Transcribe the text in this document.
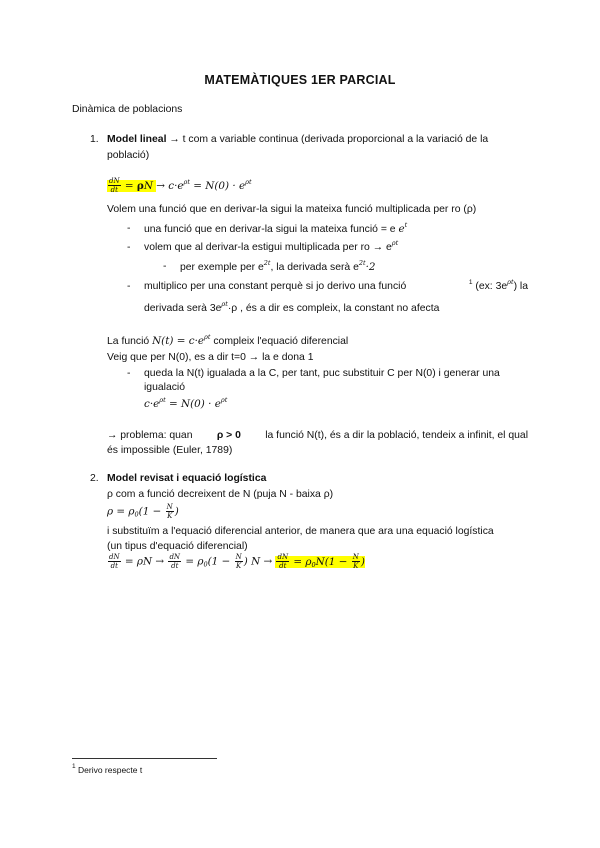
MATEMÀTIQUES 1ER PARCIAL
Dinàmica de poblacions
1. Model lineal → t com a variable continua (derivada proporcional a la variació de la
població)
$\frac{dN}{dt} = \rho N \to c\cdot e^{\rho t} = N(0) \cdot e^{\rho t}$
Volem una funció que en derivar-la sigui la mateixa funció multiplicada per ro (ρ)
- una funció que en derivar-la sigui la mateixa funció = e $e^t$
- volem que al derivar-la estigui multiplicada per ro → $e^{\rho t}$
- per exemple per $e^{2t}$, la derivada serà $e^{2t}\cdot 2$
- multiplico per una constant perquè si jo derivo una funció	$^1$ (ex: $3e^{\rho t}$) la
derivada serà $3e^{\rho t}\cdot\rho$ , és a dir es compleix, la constant no afecta
La funció $N(t) = c\cdot e^{\rho t}$ compleix l'equació diferencial
Veig que per N(0), es a dir t=0 → la e dona 1
- queda la N(t) igualada a la C, per tant, puc substituir C per N(0) i generar una
igualació
$c\cdot e^{\rho t} = N(0) \cdot e^{\rho t}$
→ problema: quan ρ > 0 la funció N(t), és a dir la població, tendeix a infinit, el qual
és impossible (Euler, 1789)
2. Model revisat i equació logística
ρ com a funció decreixent de N (puja N - baixa ρ)
$\rho = \rho_0(1 - \frac{N}{K}$ )
i substituïm a l'equació diferencial anterior, de manera que ara una equació logística
(un tipus d'equació diferencial)
$\frac{dN}{dt} = \rho N \to \frac{dN}{dt} = \rho_0(1 - \frac{N}{K}$ ) $N \to \frac{dN}{dt} = \rho_0N(1 - \frac{N}{K}$ )
$^1$ Derivo respecte t
